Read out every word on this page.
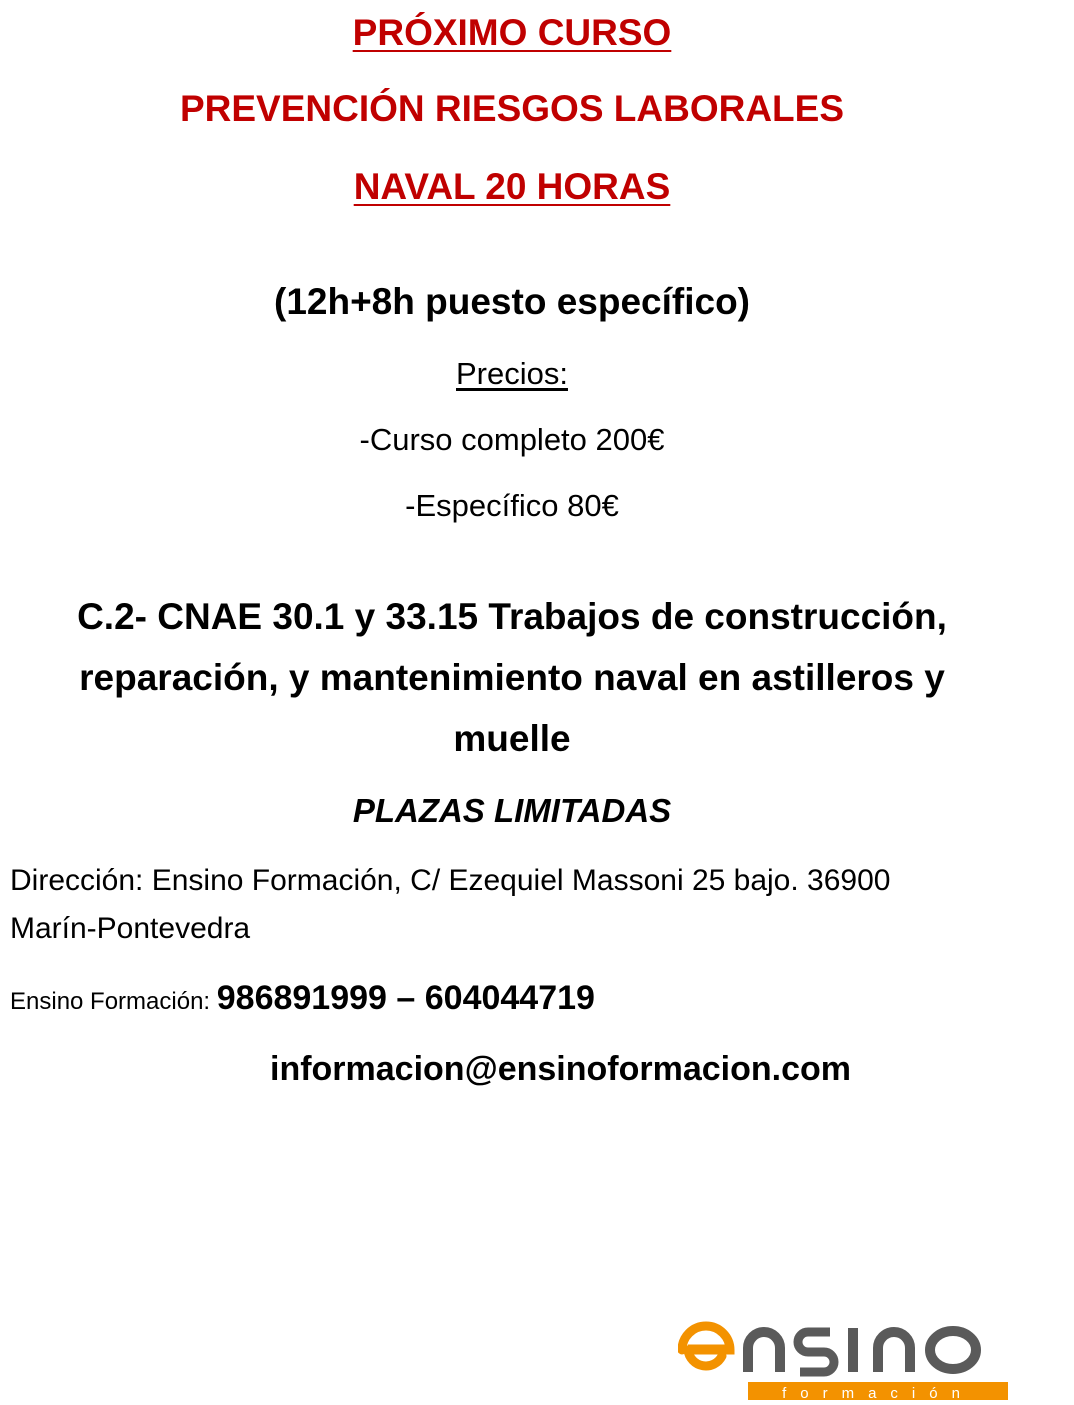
PRÓXIMO CURSO
PREVENCIÓN RIESGOS LABORALES
NAVAL 20 HORAS
(12h+8h puesto específico)
Precios:
-Curso completo 200€
-Específico 80€
C.2- CNAE 30.1 y 33.15 Trabajos de construcción,
reparación, y mantenimiento naval en astilleros y
muelle
PLAZAS LIMITADAS
Dirección: Ensino Formación, C/ Ezequiel Massoni 25 bajo. 36900
Marín-Pontevedra
Ensino Formación: 986891999 – 604044719
informacion@ensinoformacion.com
formación
